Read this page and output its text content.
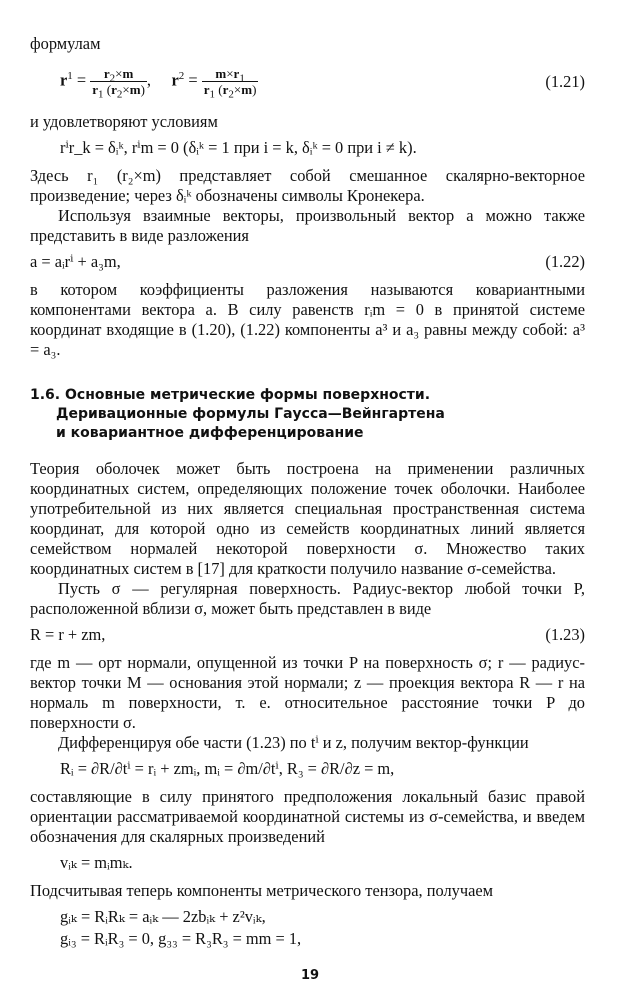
формулам

$r^1 = \frac{r_2\times m}{r_1 (r_2\times m)}$ ,     $r^2 = \frac{m\times r_1}{r_1 (r_2\times m)}$	(1.21)

и удовлетворяют условиям

rⁱr_k = δᵢᵏ, rⁱm = 0 (δᵢᵏ = 1 при i = k, δᵢᵏ = 0 при i ≠ k).

Здесь r₁ (r₂×m) представляет собой смешанное скалярно-векторное произведение; через δᵢᵏ обозначены символы Кронекера.

Используя взаимные векторы, произвольный вектор a можно также представить в виде разложения

a = aᵢrⁱ + a₃m,	(1.22)

в котором коэффициенты разложения называются ковариантными компонентами вектора a. В силу равенств rᵢm = 0 в принятой системе координат входящие в (1.20), (1.22) компоненты a³ и a₃ равны между собой: a³ = a₃.

1.6. Основные метрические формы поверхности.
Деривационные формулы Гаусса—Вейнгартена
и ковариантное дифференцирование

Теория оболочек может быть построена на применении различных координатных систем, определяющих положение точек оболочки. Наиболее употребительной из них является специальная пространственная система координат, для которой одно из семейств координатных линий является семейством нормалей некоторой поверхности σ. Множество таких координатных систем в [17] для краткости получило название σ-семейства.

Пусть σ — регулярная поверхность. Радиус-вектор любой точки P, расположенной вблизи σ, может быть представлен в виде

R = r + zm,	(1.23)

где m — орт нормали, опущенной из точки P на поверхность σ; r — радиус-вектор точки M — основания этой нормали; z — проекция вектора R — r на нормаль m поверхности, т. е. относительное расстояние точки P до поверхности σ.

Дифференцируя обе части (1.23) по tⁱ и z, получим вектор-функции

Rᵢ = ∂R/∂tⁱ = rᵢ + zmᵢ, mᵢ = ∂m/∂tⁱ, R₃ = ∂R/∂z = m,

составляющие в силу принятого предположения локальный базис правой ориентации рассматриваемой координатной системы из σ-семейства, и введем обозначения для скалярных произведений

vᵢₖ = mᵢmₖ.

Подсчитывая теперь компоненты метрического тензора, получаем

gᵢₖ = RᵢRₖ = aᵢₖ — 2zbᵢₖ + z²vᵢₖ,
gᵢ₃ = RᵢR₃ = 0, g₃₃ = R₃R₃ = mm = 1,
19
